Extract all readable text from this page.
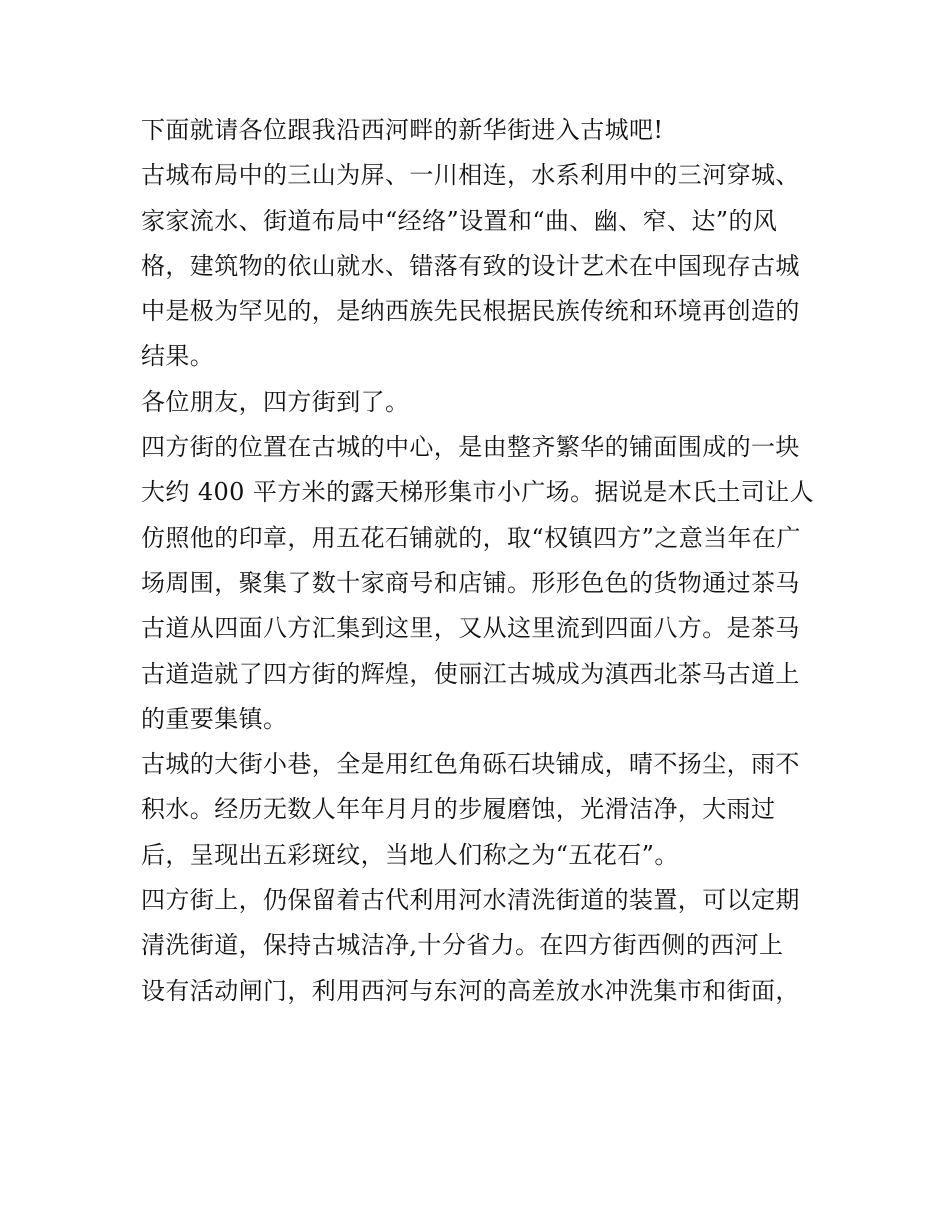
下面就请各位跟我沿西河畔的新华街进入古城吧!
古城布局中的三山为屏、一川相连，水系利用中的三河穿城、
家家流水、街道布局中“经络”设置和“曲、幽、窄、达”的风
格，建筑物的依山就水、错落有致的设计艺术在中国现存古城
中是极为罕见的，是纳西族先民根据民族传统和环境再创造的
结果。
各位朋友，四方街到了。
四方街的位置在古城的中心，是由整齐繁华的铺面围成的一块
大约 400 平方米的露天梯形集市小广场。据说是木氏土司让人
仿照他的印章，用五花石铺就的，取“权镇四方”之意当年在广
场周围，聚集了数十家商号和店铺。形形色色的货物通过茶马
古道从四面八方汇集到这里，又从这里流到四面八方。是茶马
古道造就了四方街的辉煌，使丽江古城成为滇西北茶马古道上
的重要集镇。
古城的大街小巷，全是用红色角砾石块铺成，晴不扬尘，雨不
积水。经历无数人年年月月的步履磨蚀，光滑洁净，大雨过
后，呈现出五彩斑纹，当地人们称之为“五花石”。
四方街上，仍保留着古代利用河水清洗街道的装置，可以定期
清洗街道，保持古城洁净,十分省力。在四方街西侧的西河上
设有活动闸门，利用西河与东河的高差放水冲洗集市和街面，
